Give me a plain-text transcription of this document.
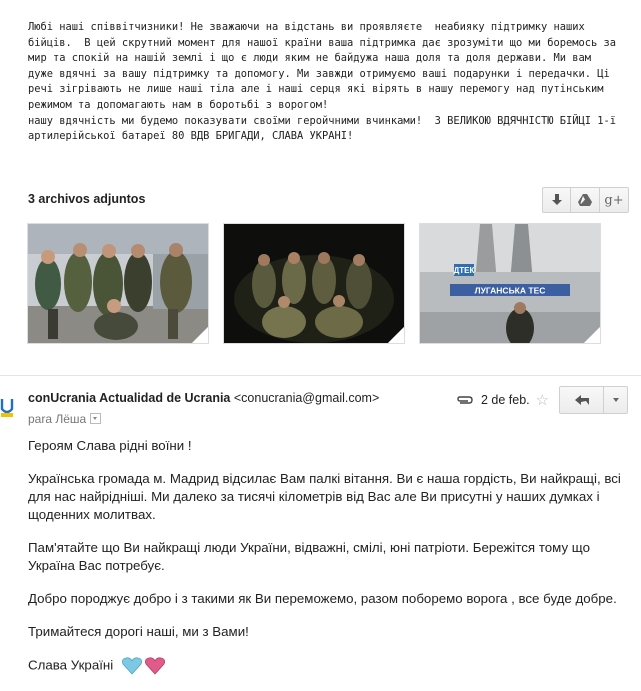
Любі наші співвітчизники! Не зважаючи на відстань ви проявляєте  неабияку підтримку наших
бійців.  В цей скрутний момент для нашої країни ваша підтримка дає зрозуміти що ми боремось за
мир та спокій на нашій землі і що є люди яким не байдужа наша доля та доля держави. Ми вам
дуже вдячні за вашу підтримку та допомогу. Ми завжди отримуємо ваші подарунки і передачки. Ці
речі зігрівають не лише наші тіла але і наші серця які вірять в нашу перемогу над путінським
режимом та допомагають нам в боротьбі з ворогом!
нашу вдячність ми будемо показувати своїми геройчними вчинками!  З ВЕЛИКОЮ ВДЯЧНІСТЮ БІЙЦІ 1-ї
артилерійської батареї 80 ВДВ БРИГАДИ, СЛАВА УКРАНІ!
3 archivos adjuntos	g+
ДТЕК
ЛУГАНСЬКА ТЕС
conUcrania Actualidad de Ucrania <conucrania@gmail.com>
para Лёша
2 de feb. ☆

Героям Слава рідні воїни !

Українська громада м. Мадрид відсилає Вам палкі вітання. Ви є наша гордість, Ви найкращі, всі для нас найрідніші. Ми далеко за тисячі кілометрів від Вас але Ви присутні у наших думках і щоденних молитвах.

Пам'ятайте що Ви найкращі люди України, відважні, смілі, юні патріоти. Бережітся тому що Україна Вас потребує.

Добро породжує добро і з такими як Ви переможемо, разом поборемо ворога , все буде добре.

Тримайтеся дорогі наші, ми з Вами!

Слава Україні
